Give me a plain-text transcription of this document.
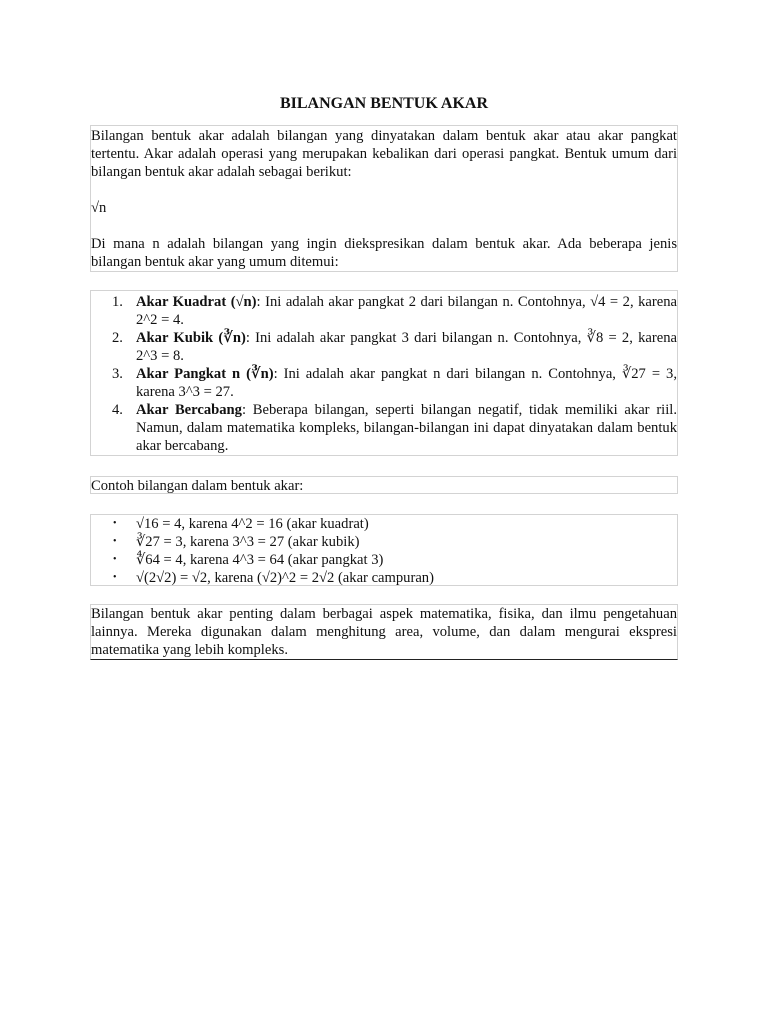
BILANGAN BENTUK AKAR

Bilangan bentuk akar adalah bilangan yang dinyatakan dalam bentuk akar atau akar pangkat tertentu. Akar adalah operasi yang merupakan kebalikan dari operasi pangkat. Bentuk umum dari bilangan bentuk akar adalah sebagai berikut:

√n

Di mana n adalah bilangan yang ingin diekspresikan dalam bentuk akar. Ada beberapa jenis bilangan bentuk akar yang umum ditemui:

1. Akar Kuadrat (√n): Ini adalah akar pangkat 2 dari bilangan n. Contohnya, √4 = 2, karena 2^2 = 4.
2. Akar Kubik (∛n): Ini adalah akar pangkat 3 dari bilangan n. Contohnya, ∛8 = 2, karena 2^3 = 8.
3. Akar Pangkat n (∛n): Ini adalah akar pangkat n dari bilangan n. Contohnya, ∛27 = 3, karena 3^3 = 27.
4. Akar Bercabang: Beberapa bilangan, seperti bilangan negatif, tidak memiliki akar riil. Namun, dalam matematika kompleks, bilangan-bilangan ini dapat dinyatakan dalam bentuk akar bercabang.
Contoh bilangan dalam bentuk akar:
• √16 = 4, karena 4^2 = 16 (akar kuadrat)
• ∛27 = 3, karena 3^3 = 27 (akar kubik)
• ∜64 = 4, karena 4^3 = 64 (akar pangkat 3)
• √(2√2) = √2, karena (√2)^2 = 2√2 (akar campuran)

Bilangan bentuk akar penting dalam berbagai aspek matematika, fisika, dan ilmu pengetahuan lainnya. Mereka digunakan dalam menghitung area, volume, dan dalam mengurai ekspresi matematika yang lebih kompleks.
